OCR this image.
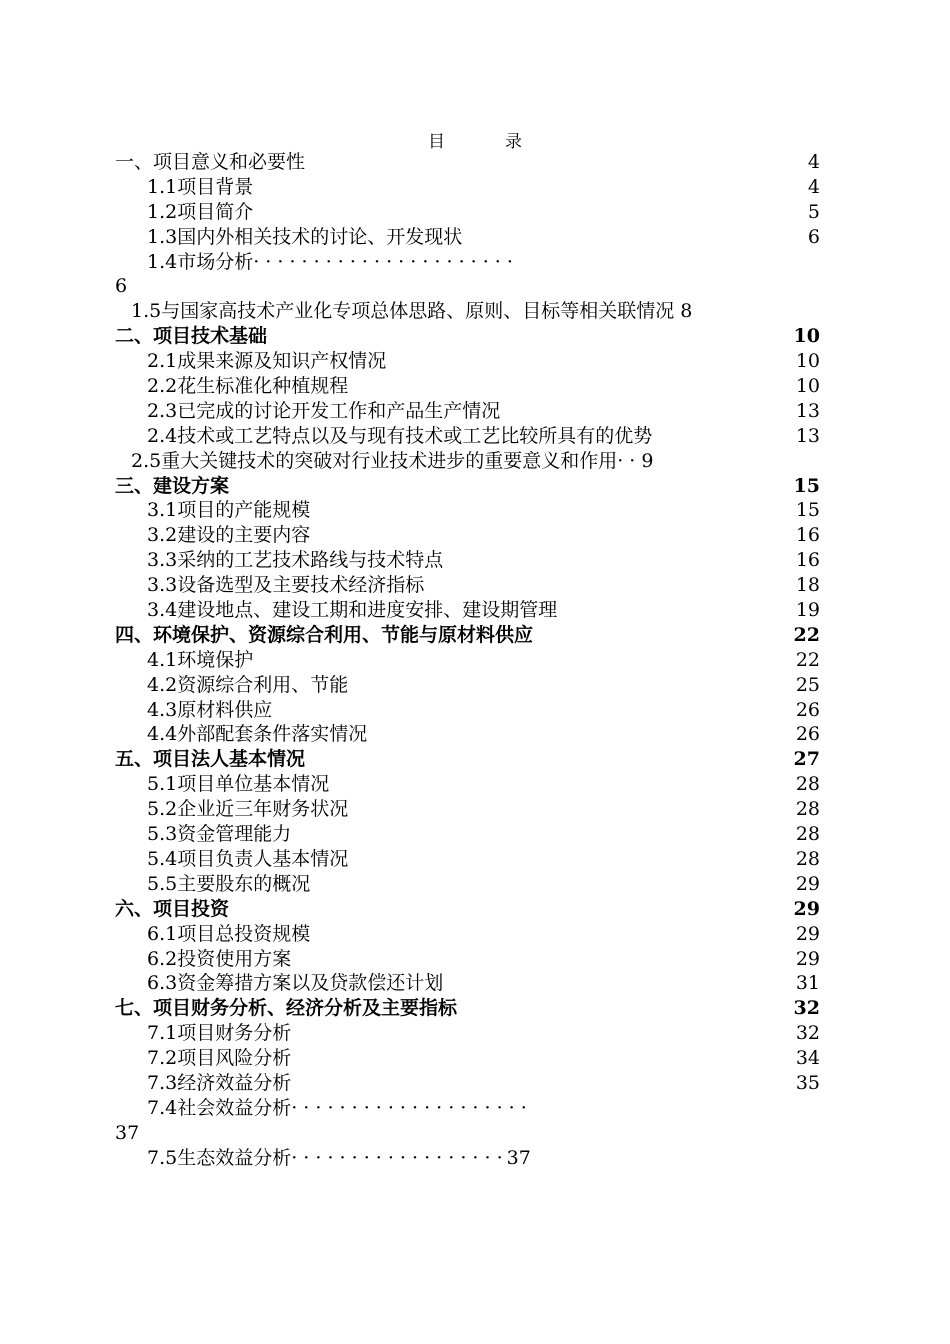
目	录
一、项目意义和必要性	4
1.1项目背景	4
1.2项目简介	5
1.3国内外相关技术的讨论、开发现状	6
1.4市场分析· · · · · · · · · · · · · · · · · · · · · ·
6
1.5与国家高技术产业化专项总体思路、原则、目标等相关联情况 8
二、项目技术基础	10
2.1成果来源及知识产权情况	10
2.2花生标准化种植规程	10
2.3已完成的讨论开发工作和产品生产情况	13
2.4技术或工艺特点以及与现有技术或工艺比较所具有的优势	13
2.5重大关键技术的突破对行业技术进步的重要意义和作用· · 9
三、建设方案	15
3.1项目的产能规模	15
3.2建设的主要内容	16
3.3采纳的工艺技术路线与技术特点	16
3.3设备选型及主要技术经济指标	18
3.4建设地点、建设工期和进度安排、建设期管理	19
四、环境保护、资源综合利用、节能与原材料供应	22
4.1环境保护	22
4.2资源综合利用、节能	25
4.3原材料供应	26
4.4外部配套条件落实情况	26
五、项目法人基本情况	27
5.1项目单位基本情况	28
5.2企业近三年财务状况	28
5.3资金管理能力	28
5.4项目负责人基本情况	28
5.5主要股东的概况	29
六、项目投资	29
6.1项目总投资规模	29
6.2投资使用方案	29
6.3资金筹措方案以及贷款偿还计划	31
七、项目财务分析、经济分析及主要指标	32
7.1项目财务分析	32
7.2项目风险分析	34
7.3经济效益分析	35
7.4社会效益分析· · · · · · · · · · · · · · · · · · · ·
37
7.5生态效益分析· · · · · · · · · · · · · · · · · · 37
